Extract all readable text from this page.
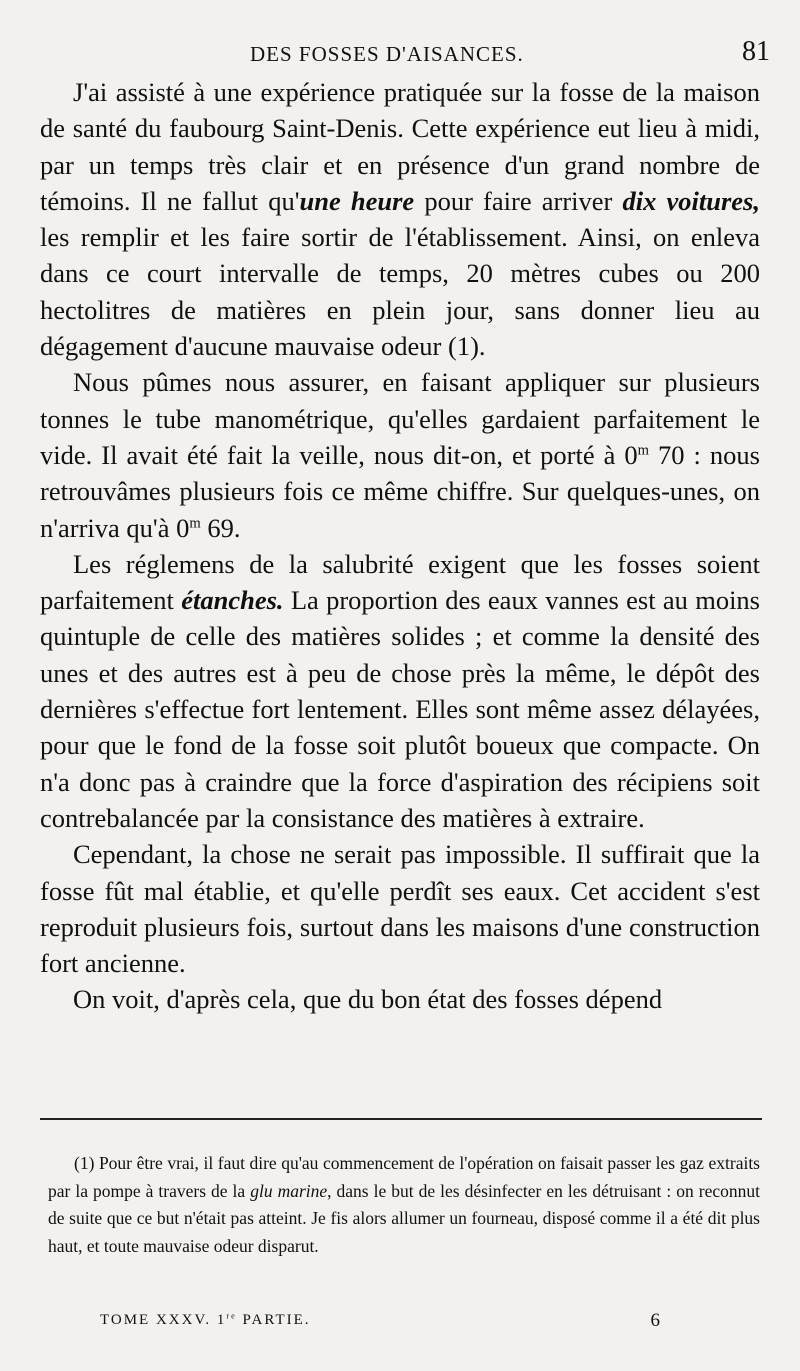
DES FOSSES D'AISANCES.	81

J'ai assisté à une expérience pratiquée sur la fosse de la maison de santé du faubourg Saint-Denis. Cette expérience eut lieu à midi, par un temps très clair et en présence d'un grand nombre de témoins. Il ne fallut qu'une heure pour faire arriver dix voitures, les remplir et les faire sortir de l'établissement. Ainsi, on enleva dans ce court intervalle de temps, 20 mètres cubes ou 200 hectolitres de matières en plein jour, sans donner lieu au dégagement d'aucune mauvaise odeur (1).

Nous pûmes nous assurer, en faisant appliquer sur plusieurs tonnes le tube manométrique, qu'elles gardaient parfaitement le vide. Il avait été fait la veille, nous dit-on, et porté à 0$^m$ 70 : nous retrouvâmes plusieurs fois ce même chiffre. Sur quelques-unes, on n'arriva qu'à 0$^m$ 69.

Les réglemens de la salubrité exigent que les fosses soient parfaitement étanches. La proportion des eaux vannes est au moins quintuple de celle des matières solides ; et comme la densité des unes et des autres est à peu de chose près la même, le dépôt des dernières s'effectue fort lentement. Elles sont même assez délayées, pour que le fond de la fosse soit plutôt boueux que compacte. On n'a donc pas à craindre que la force d'aspiration des récipiens soit contrebalancée par la consistance des matières à extraire.

Cependant, la chose ne serait pas impossible. Il suffirait que la fosse fût mal établie, et qu'elle perdît ses eaux. Cet accident s'est reproduit plusieurs fois, surtout dans les maisons d'une construction fort ancienne.

On voit, d'après cela, que du bon état des fosses dépend

(1) Pour être vrai, il faut dire qu'au commencement de l'opération on faisait passer les gaz extraits par la pompe à travers de la glu marine, dans le but de les désinfecter en les détruisant : on reconnut de suite que ce but n'était pas atteint. Je fis alors allumer un fourneau, disposé comme il a été dit plus haut, et toute mauvaise odeur disparut.

TOME XXXV. 1re PARTIE.	6
